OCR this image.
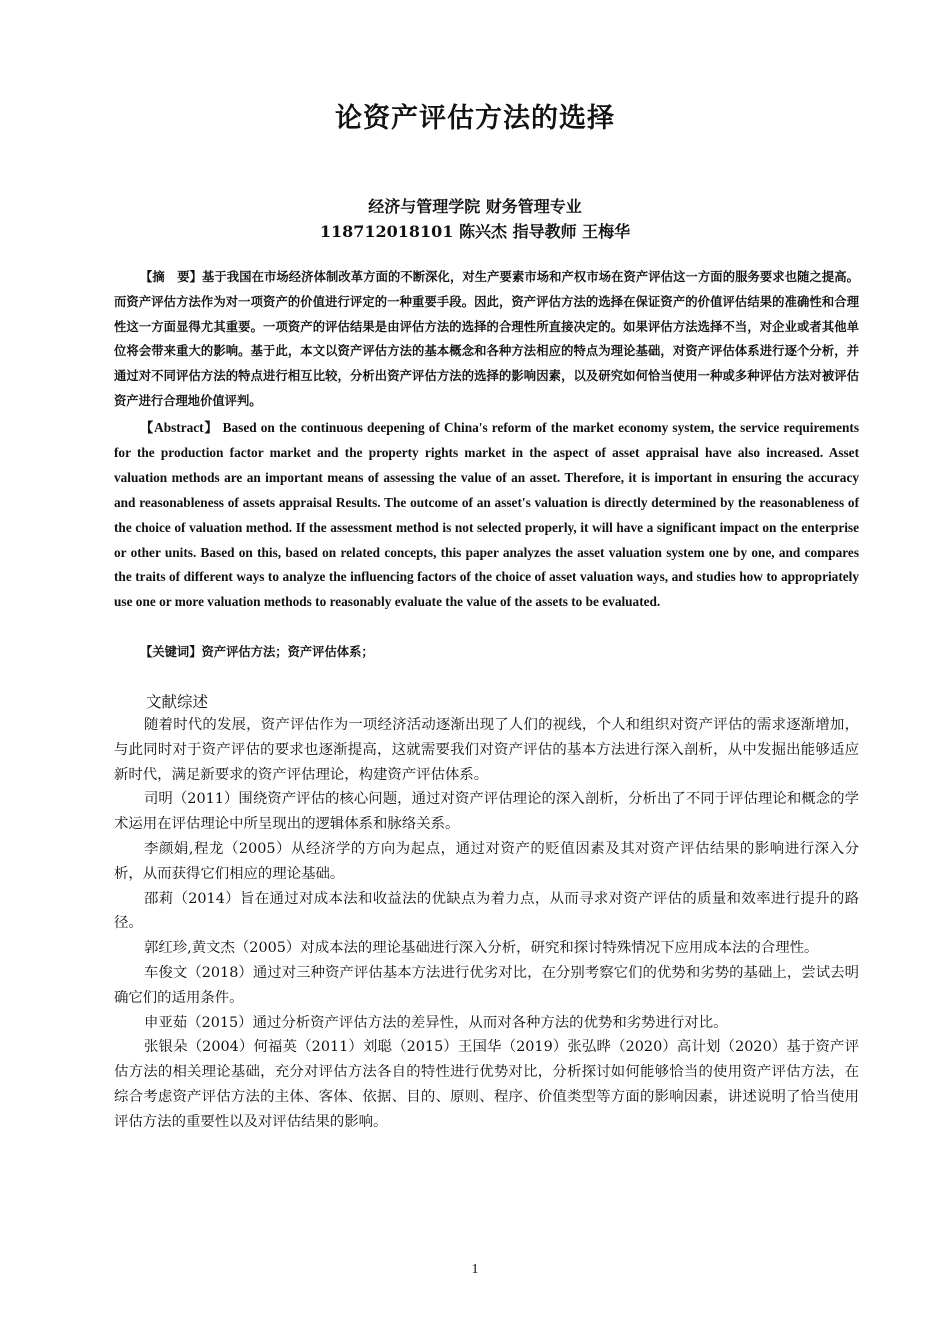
论资产评估方法的选择
经济与管理学院 财务管理专业
118712018101 陈兴杰 指导教师 王梅华
【摘　要】基于我国在市场经济体制改革方面的不断深化，对生产要素市场和产权市场在资产评估这一方面的服务要求也随之提高。而资产评估方法作为对一项资产的价值进行评定的一种重要手段。因此，资产评估方法的选择在保证资产的价值评估结果的准确性和合理性这一方面显得尤其重要。一项资产的评估结果是由评估方法的选择的合理性所直接决定的。如果评估方法选择不当，对企业或者其他单位将会带来重大的影响。基于此，本文以资产评估方法的基本概念和各种方法相应的特点为理论基础，对资产评估体系进行逐个分析，并通过对不同评估方法的特点进行相互比较，分析出资产评估方法的选择的影响因素，以及研究如何恰当使用一种或多种评估方法对被评估资产进行合理地价值评判。
【Abstract】 Based on the continuous deepening of China's reform of the market economy system, the service requirements for the production factor market and the property rights market in the aspect of asset appraisal have also increased. Asset valuation methods are an important means of assessing the value of an asset. Therefore, it is important in ensuring the accuracy and reasonableness of assets appraisal Results. The outcome of an asset's valuation is directly determined by the reasonableness of the choice of valuation method. If the assessment method is not selected properly, it will have a significant impact on the enterprise or other units. Based on this, based on related concepts, this paper analyzes the asset valuation system one by one, and compares the traits of different ways to analyze the influencing factors of the choice of asset valuation ways, and studies how to appropriately use one or more valuation methods to reasonably evaluate the value of the assets to be evaluated.
【关键词】资产评估方法；资产评估体系；
文献综述

随着时代的发展，资产评估作为一项经济活动逐渐出现了人们的视线，个人和组织对资产评估的需求逐渐增加，与此同时对于资产评估的要求也逐渐提高，这就需要我们对资产评估的基本方法进行深入剖析，从中发掘出能够适应新时代，满足新要求的资产评估理论，构建资产评估体系。

司明（2011）围绕资产评估的核心问题，通过对资产评估理论的深入剖析，分析出了不同于评估理论和概念的学术运用在评估理论中所呈现出的逻辑体系和脉络关系。

李颜娟,程龙（2005）从经济学的方向为起点，通过对资产的贬值因素及其对资产评估结果的影响进行深入分析，从而获得它们相应的理论基础。

邵莉（2014）旨在通过对成本法和收益法的优缺点为着力点，从而寻求对资产评估的质量和效率进行提升的路径。

郭红珍,黄文杰（2005）对成本法的理论基础进行深入分析，研究和探讨特殊情况下应用成本法的合理性。

车俊文（2018）通过对三种资产评估基本方法进行优劣对比，在分别考察它们的优势和劣势的基础上，尝试去明确它们的适用条件。

申亚茹（2015）通过分析资产评估方法的差异性，从而对各种方法的优势和劣势进行对比。

张银朵（2004）何福英（2011）刘聪（2015）王国华（2019）张弘晔（2020）高计划（2020）基于资产评估方法的相关理论基础，充分对评估方法各自的特性进行优势对比，分析探讨如何能够恰当的使用资产评估方法，在综合考虑资产评估方法的主体、客体、依据、目的、原则、程序、价值类型等方面的影响因素，讲述说明了恰当使用评估方法的重要性以及对评估结果的影响。

1
